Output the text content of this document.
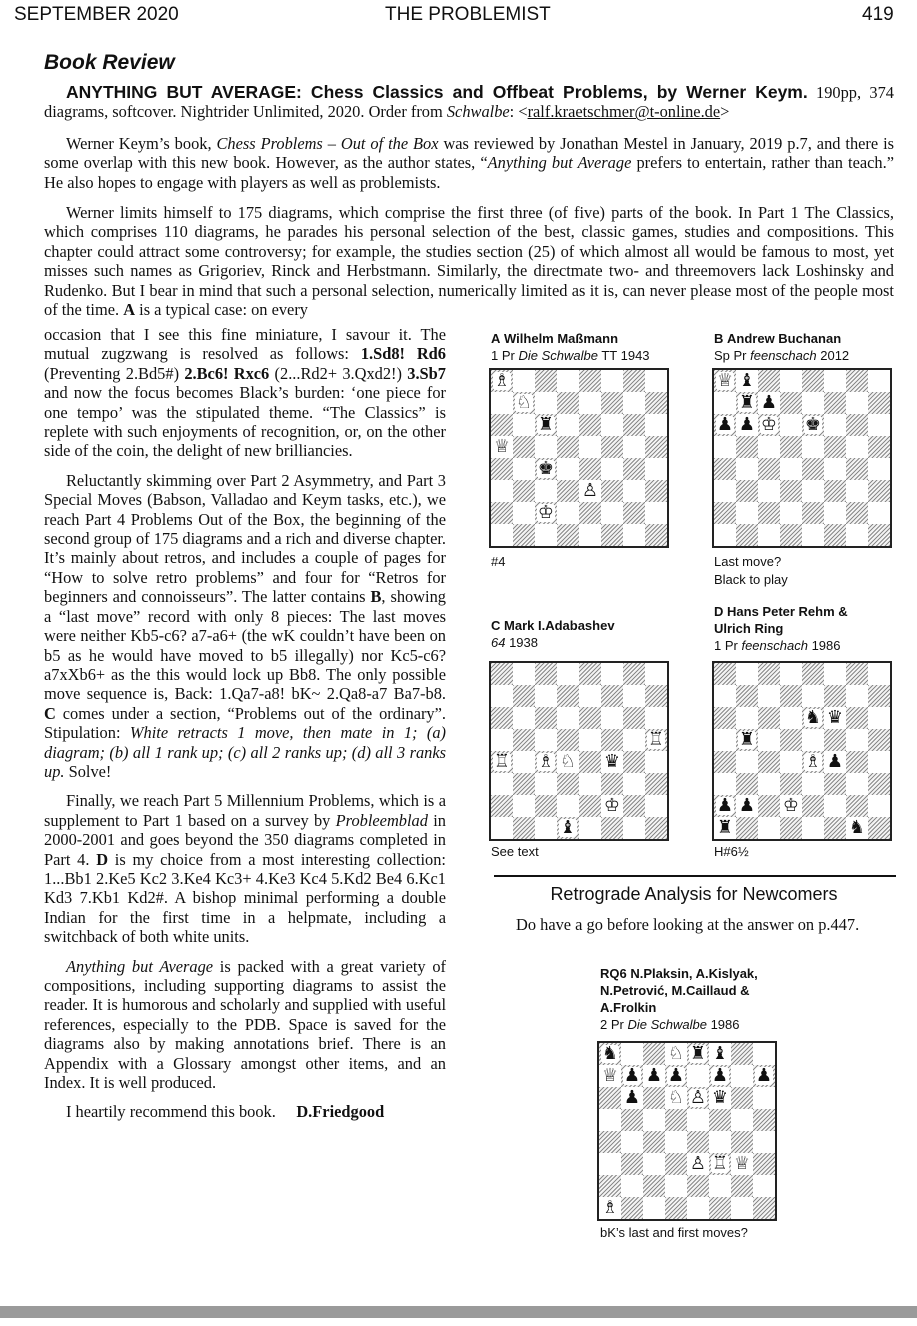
SEPTEMBER 2020	THE PROBLEMIST	419
Book Review

ANYTHING BUT AVERAGE: Chess Classics and Offbeat Problems, by Werner Keym. 190pp, 374 diagrams, softcover. Nightrider Unlimited, 2020. Order from Schwalbe: <ralf.kraetschmer@t-online.de>

Werner Keym’s book, Chess Problems – Out of the Box was reviewed by Jonathan Mestel in January, 2019 p.7, and there is some overlap with this new book. However, as the author states, “Anything but Average prefers to entertain, rather than teach.” He also hopes to engage with players as well as problemists.

Werner limits himself to 175 diagrams, which comprise the first three (of five) parts of the book. In Part 1 The Classics, which comprises 110 diagrams, he parades his personal selection of the best, classic games, studies and compositions. This chapter could attract some controversy; for example, the studies section (25) of which almost all would be famous to most, yet misses such names as Grigoriev, Rinck and Herbstmann. Similarly, the directmate two- and threemovers lack Loshinsky and Rudenko. But I bear in mind that such a personal selection, numerically limited as it is, can never please most of the people most of the time. A is a typical case: on every

occasion that I see this fine miniature, I savour it. The mutual zugzwang is resolved as follows: 1.Sd8! Rd6 (Preventing 2.Bd5#) 2.Bc6! Rxc6 (2...Rd2+ 3.Qxd2!) 3.Sb7 and now the focus becomes Black’s burden: ‘one piece for one tempo’ was the stipulated theme. “The Classics” is replete with such enjoyments of recognition, or, on the other side of the coin, the delight of new brilliancies.

Reluctantly skimming over Part 2 Asymmetry, and Part 3 Special Moves (Babson, Valladao and Keym tasks, etc.), we reach Part 4 Problems Out of the Box, the beginning of the second group of 175 diagrams and a rich and diverse chapter. It’s mainly about retros, and includes a couple of pages for “How to solve retro problems” and four for “Retros for beginners and connoisseurs”. The latter contains B, showing a “last move” record with only 8 pieces: The last moves were neither Kb5-c6? a7-a6+ (the wK couldn’t have been on b5 as he would have moved to b5 illegally) nor Kc5-c6? a7xXb6+ as the this would lock up Bb8. The only possible move sequence is, Back: 1.Qa7-a8! bK~ 2.Qa8-a7 Ba7-b8. C comes under a section, “Problems out of the ordinary”. Stipulation: White retracts 1 move, then mate in 1; (a) diagram; (b) all 1 rank up; (c) all 2 ranks up; (d) all 3 ranks up. Solve!

Finally, we reach Part 5 Millennium Problems, which is a supplement to Part 1 based on a survey by Probleemblad in 2000-2001 and goes beyond the 350 diagrams completed in Part 4. D is my choice from a most interesting collection: 1...Bb1 2.Ke5 Kc2 3.Ke4 Kc3+ 4.Ke3 Kc4 5.Kd2 Be4 6.Kc1 Kd3 7.Kb1 Kd2#. A bishop minimal performing a double Indian for the first time in a helpmate, including a switchback of both white units.

Anything but Average is packed with a great variety of compositions, including supporting diagrams to assist the reader. It is humorous and scholarly and supplied with useful references, especially to the PDB. Space is saved for the diagrams also by making annotations brief. There is an Appendix with a Glossary amongst other items, and an Index. It is well produced.

I heartily recommend this book. D.Friedgood

A Wilhelm Maßmann
1 Pr Die Schwalbe TT 1943
♗
♘
♜
♕
♚
♙
♔
#4
B Andrew Buchanan
Sp Pr feenschach 2012
♕ ♝
♜ ♟
♟ ♟ ♔ ♚
Last move?
Black to play
C Mark I.Adabashev
64 1938
♖
♖ ♗ ♘ ♛
♔
♝
See text
D Hans Peter Rehm &
Ulrich Ring
1 Pr feenschach 1986
♞ ♛
♜
♗ ♟
♟ ♟ ♔
♜	♞
H#6½
Retrograde Analysis for Newcomers

Do have a go before looking at the answer on p.447.

RQ6 N.Plaksin, A.Kislyak,
N.Petrović, M.Caillaud &
A.Frolkin
2 Pr Die Schwalbe 1986
♞	♘ ♜ ♝
♕ ♟ ♟ ♟ ♟ ♟
♟ ♘ ♙ ♛
♙ ♖ ♕
♗
bK’s last and first moves?
